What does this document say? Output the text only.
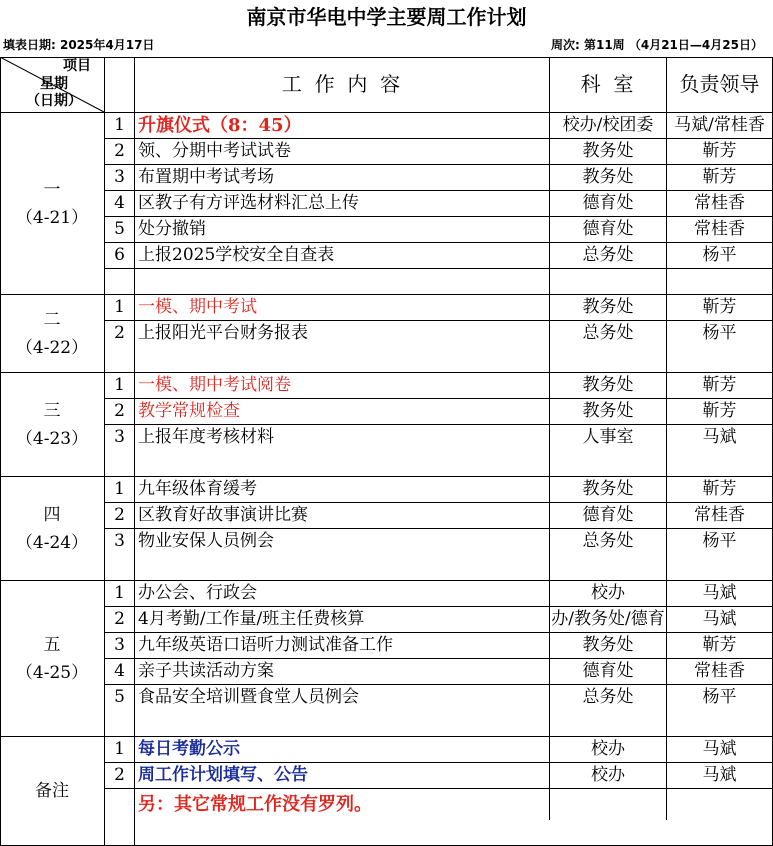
南京市华电中学主要周工作计划
填表日期: 2025年4月17日	周次: 第11周 （4月21日—4月25日）
项目
星期
（日期）
工  作  内  容	科  室	负责领导
1 升旗仪式（8：45）	校办/校团委	马斌/常桂香
2 领、分期中考试试卷	教务处	靳芳
3 布置期中考试考场	教务处	靳芳
4 区教子有方评选材料汇总上传	德育处	常桂香
5 处分撤销	德育处	常桂香
6 上报2025学校安全自查表	总务处	杨平
一
（4-21）
1 一模、期中考试	教务处	靳芳
2 上报阳光平台财务报表	总务处	杨平
二
（4-22）
1 一模、期中考试阅卷	教务处	靳芳
2 教学常规检查	教务处	靳芳
3 上报年度考核材料	人事室	马斌
三
（4-23）
1 九年级体育缓考	教务处	靳芳
2 区教育好故事演讲比赛	德育处	常桂香
3 物业安保人员例会	总务处	杨平
四
（4-24）
1 办公会、行政会	校办	马斌
2 4月考勤/工作量/班主任费核算	办/教务处/德育	马斌
3 九年级英语口语听力测试准备工作	教务处	靳芳
4 亲子共读活动方案	德育处	常桂香
5 食品安全培训暨食堂人员例会	总务处	杨平
五
（4-25）
1 每日考勤公示	校办	马斌
2 周工作计划填写、公告	校办	马斌
另：其它常规工作没有罗列。
备注
